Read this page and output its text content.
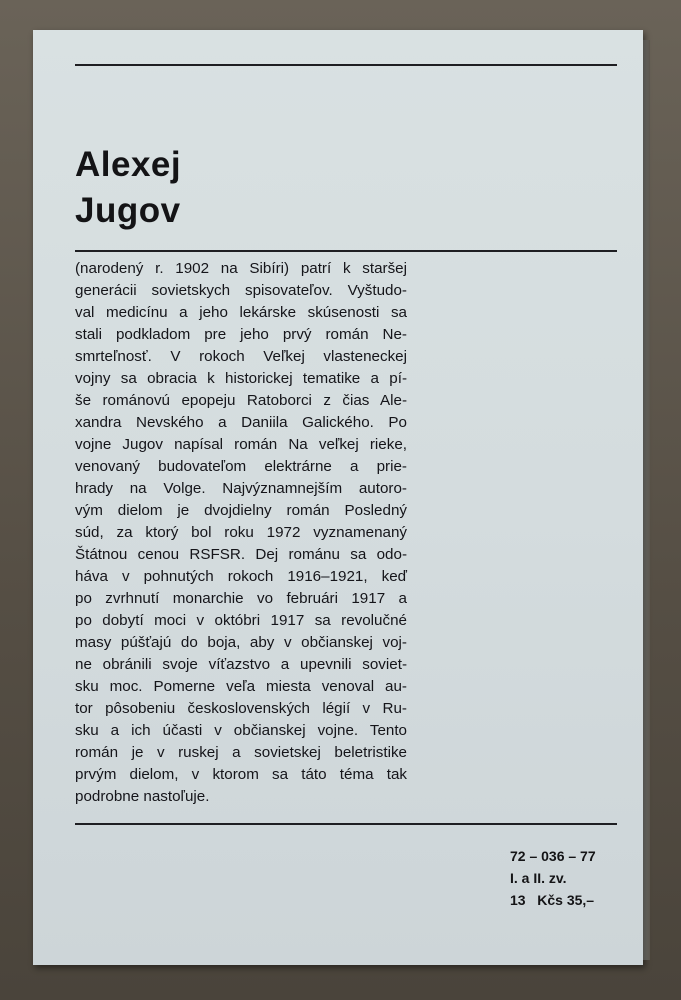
Alexej
Jugov
(narodený r. 1902 na Sibíri) patrí k staršej
generácii sovietskych spisovateľov. Vyštudo-
val medicínu a jeho lekárske skúsenosti sa
stali podkladom pre jeho prvý román Ne-
smrteľnosť. V rokoch Veľkej vlasteneckej
vojny sa obracia k historickej tematike a pí-
še románovú epopeju Ratoborci z čias Ale-
xandra Nevského a Daniila Galického. Po
vojne Jugov napísal román Na veľkej rieke,
venovaný budovateľom elektrárne a prie-
hrady na Volge. Najvýznamnejším autoro-
vým dielom je dvojdielny román Posledný
súd, za ktorý bol roku 1972 vyznamenaný
Štátnou cenou RSFSR. Dej románu sa odo-
háva v pohnutých rokoch 1916–1921, keď
po zvrhnutí monarchie vo februári 1917 a
po dobytí moci v októbri 1917 sa revolučné
masy púšťajú do boja, aby v občianskej voj-
ne obránili svoje víťazstvo a upevnili soviet-
sku moc. Pomerne veľa miesta venoval au-
tor pôsobeniu československých légií v Ru-
sku a ich účasti v občianskej vojne. Tento
román je v ruskej a sovietskej beletristike
prvým dielom, v ktorom sa táto téma tak
podrobne nastoľuje.
72 – 036 – 77
I. a II. zv.
13 Kčs 35,–
